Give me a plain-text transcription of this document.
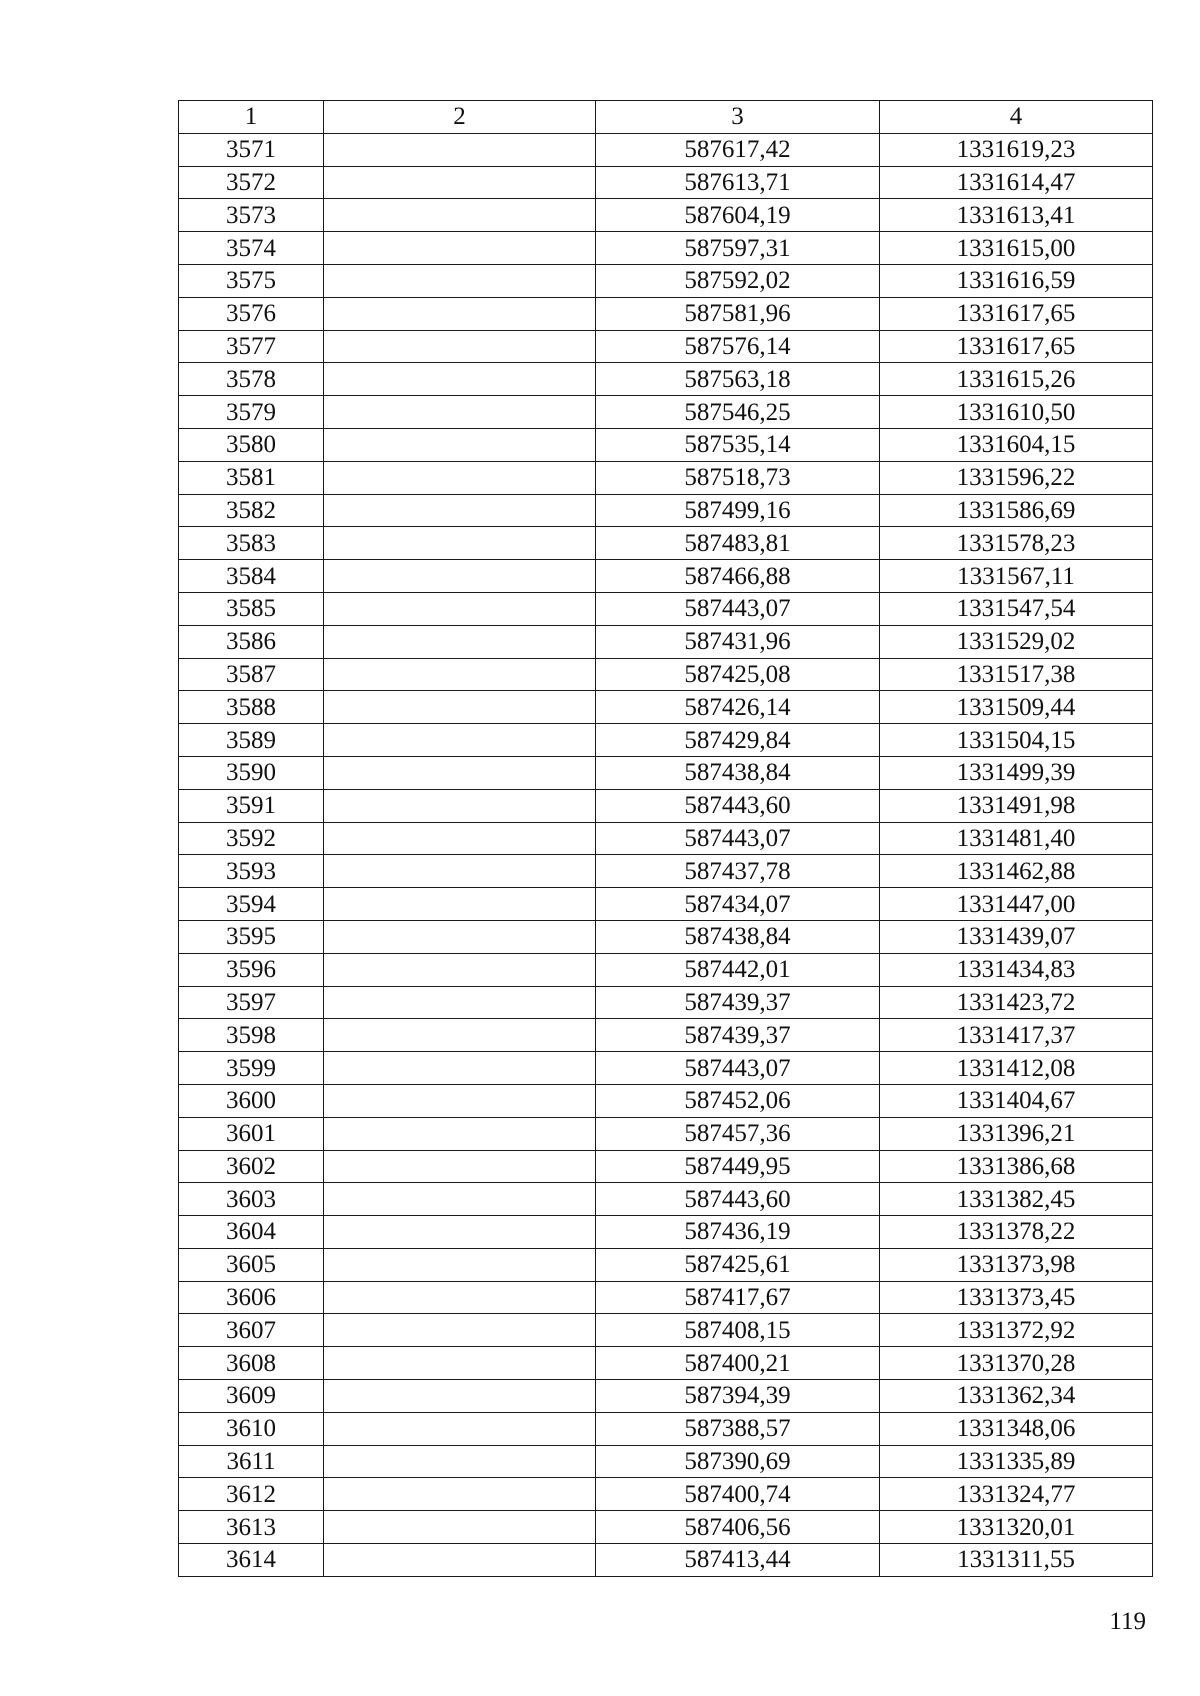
1	2	3	4
3571		587617,42	1331619,23
3572		587613,71	1331614,47
3573		587604,19	1331613,41
3574		587597,31	1331615,00
3575		587592,02	1331616,59
3576		587581,96	1331617,65
3577		587576,14	1331617,65
3578		587563,18	1331615,26
3579		587546,25	1331610,50
3580		587535,14	1331604,15
3581		587518,73	1331596,22
3582		587499,16	1331586,69
3583		587483,81	1331578,23
3584		587466,88	1331567,11
3585		587443,07	1331547,54
3586		587431,96	1331529,02
3587		587425,08	1331517,38
3588		587426,14	1331509,44
3589		587429,84	1331504,15
3590		587438,84	1331499,39
3591		587443,60	1331491,98
3592		587443,07	1331481,40
3593		587437,78	1331462,88
3594		587434,07	1331447,00
3595		587438,84	1331439,07
3596		587442,01	1331434,83
3597		587439,37	1331423,72
3598		587439,37	1331417,37
3599		587443,07	1331412,08
3600		587452,06	1331404,67
3601		587457,36	1331396,21
3602		587449,95	1331386,68
3603		587443,60	1331382,45
3604		587436,19	1331378,22
3605		587425,61	1331373,98
3606		587417,67	1331373,45
3607		587408,15	1331372,92
3608		587400,21	1331370,28
3609		587394,39	1331362,34
3610		587388,57	1331348,06
3611		587390,69	1331335,89
3612		587400,74	1331324,77
3613		587406,56	1331320,01
3614		587413,44	1331311,55
119
